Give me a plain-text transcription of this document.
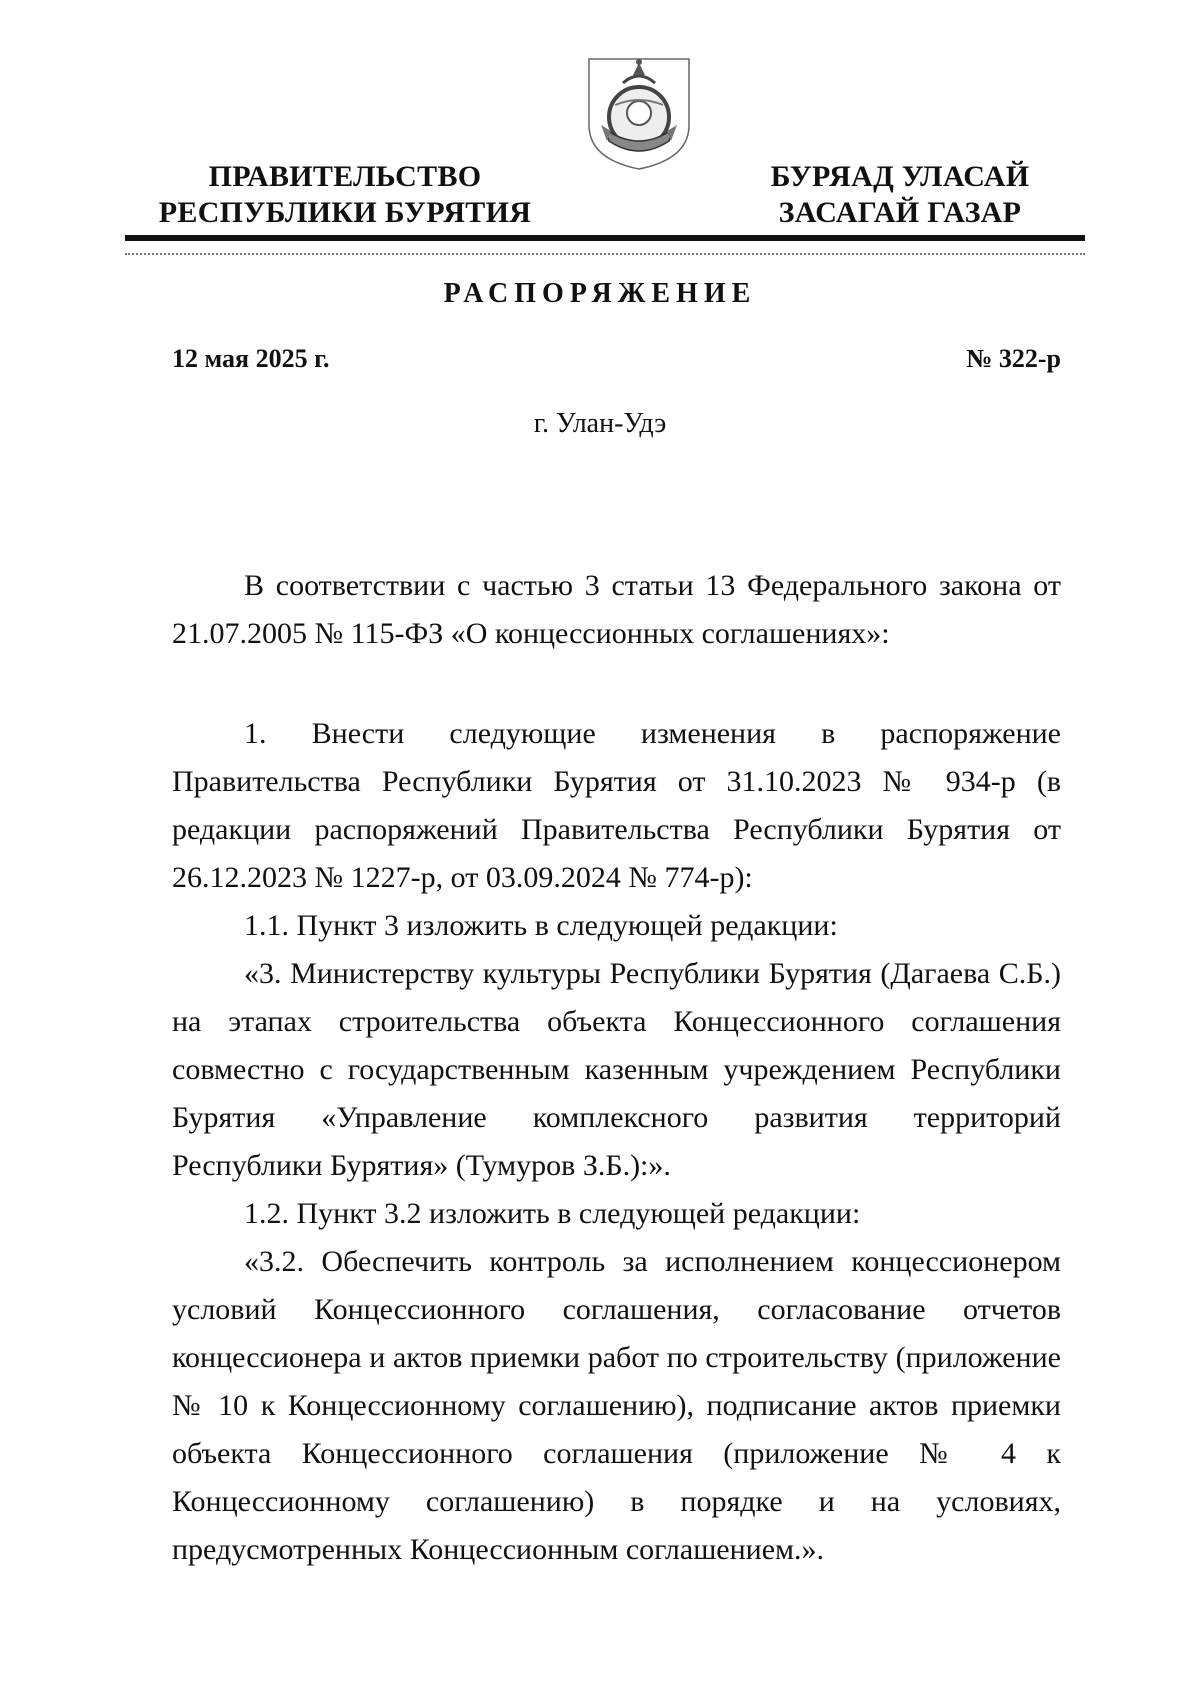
ПРАВИТЕЛЬСТВО
РЕСПУБЛИКИ БУРЯТИЯ
БУРЯАД УЛАСАЙ
ЗАСАГАЙ ГАЗАР
РАСПОРЯЖЕНИЕ
12 мая 2025 г.	№ 322-р
г. Улан-Удэ

В соответствии с частью 3 статьи 13 Федерального закона от 21.07.2005 № 115-ФЗ «О концессионных соглашениях»:

1. Внести следующие изменения в распоряжение Правительства Республики Бурятия от 31.10.2023 № 934-р (в редакции распоряжений Правительства Республики Бурятия от 26.12.2023 № 1227-р, от 03.09.2024 № 774-р):

1.1. Пункт 3 изложить в следующей редакции:

«3. Министерству культуры Республики Бурятия (Дагаева С.Б.) на этапах строительства объекта Концессионного соглашения совместно с государственным казенным учреждением Республики Бурятия «Управление комплексного развития территорий Республики Бурятия» (Тумуров З.Б.):».

1.2. Пункт 3.2 изложить в следующей редакции:

«3.2. Обеспечить контроль за исполнением концессионером условий Концессионного соглашения, согласование отчетов концессионера и актов приемки работ по строительству (приложение № 10 к Концессионному соглашению), подписание актов приемки объекта Концессионного соглашения (приложение № 4 к Концессионному соглашению) в порядке и на условиях, предусмотренных Концессионным соглашением.».
